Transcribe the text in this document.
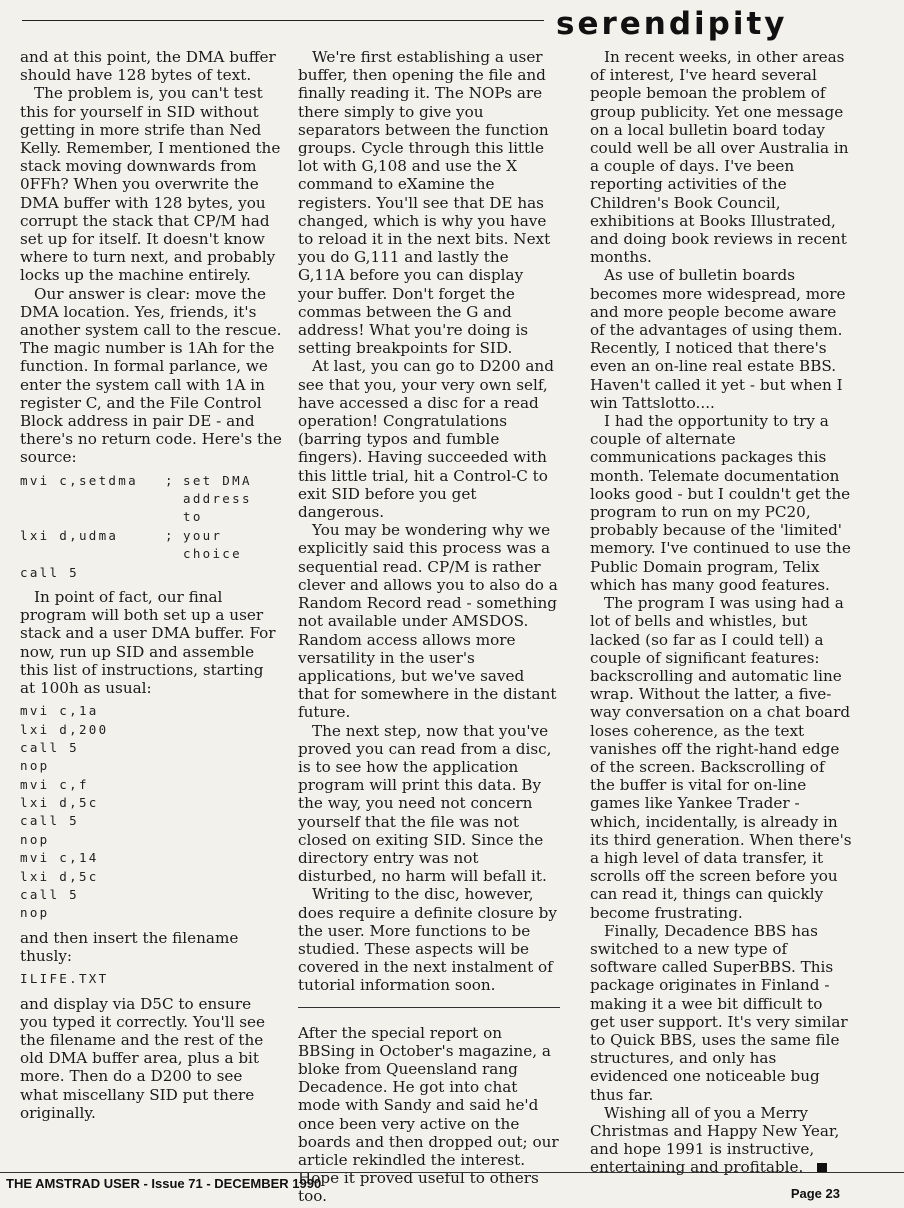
serendipity

and at this point, the DMA buffer should have 128 bytes of text.

The problem is, you can't test this for yourself in SID without getting in more strife than Ned Kelly. Remember, I mentioned the stack moving downwards from 0FFh? When you overwrite the DMA buffer with 128 bytes, you corrupt the stack that CP/M had set up for itself. It doesn't know where to turn next, and probably locks up the machine entirely.

Our answer is clear: move the DMA location. Yes, friends, it's another system call to the rescue. The magic number is 1Ah for the function. In formal parlance, we enter the system call with 1A in register C, and the File Control Block address in pair DE - and there's no return code. Here's the source:

mvi c,setdma	; set DMA address to
lxi d,udma	; your choice
call 5

In point of fact, our final program will both set up a user stack and a user DMA buffer. For now, run up SID and assemble this list of instructions, starting at 100h as usual:

mvi c,1a
lxi d,200
call 5
nop
mvi c,f
lxi d,5c
call 5
nop
mvi c,14
lxi d,5c
call 5
nop

and then insert the filename thusly:

ILIFE.TXT

and display via D5C to ensure you typed it correctly. You'll see the filename and the rest of the old DMA buffer area, plus a bit more. Then do a D200 to see what miscellany SID put there originally.

We're first establishing a user buffer, then opening the file and finally reading it. The NOPs are there simply to give you separators between the function groups. Cycle through this little lot with G,108 and use the X command to eXamine the registers. You'll see that DE has changed, which is why you have to reload it in the next bits. Next you do G,111 and lastly the G,11A before you can display your buffer. Don't forget the commas between the G and address! What you're doing is setting breakpoints for SID.

At last, you can go to D200 and see that you, your very own self, have accessed a disc for a read operation! Congratulations (barring typos and fumble fingers). Having succeeded with this little trial, hit a Control-C to exit SID before you get dangerous.

You may be wondering why we explicitly said this process was a sequential read. CP/M is rather clever and allows you to also do a Random Record read - something not available under AMSDOS. Random access allows more versatility in the user's applications, but we've saved that for somewhere in the distant future.

The next step, now that you've proved you can read from a disc, is to see how the application program will print this data. By the way, you need not concern yourself that the file was not closed on exiting SID. Since the directory entry was not disturbed, no harm will befall it.

Writing to the disc, however, does require a definite closure by the user. More functions to be studied. These aspects will be covered in the next instalment of tutorial information soon.

After the special report on BBSing in October's magazine, a bloke from Queensland rang Decadence. He got into chat mode with Sandy and said he'd once been very active on the boards and then dropped out; our article rekindled the interest. Hope it proved useful to others too.

In recent weeks, in other areas of interest, I've heard several people bemoan the problem of group publicity. Yet one message on a local bulletin board today could well be all over Australia in a couple of days. I've been reporting activities of the Children's Book Council, exhibitions at Books Illustrated, and doing book reviews in recent months.

As use of bulletin boards becomes more widespread, more and more people become aware of the advantages of using them. Recently, I noticed that there's even an on-line real estate BBS. Haven't called it yet - but when I win Tattslotto....

I had the opportunity to try a couple of alternate communications packages this month. Telemate documentation looks good - but I couldn't get the program to run on my PC20, probably because of the 'limited' memory. I've continued to use the Public Domain program, Telix which has many good features.

The program I was using had a lot of bells and whistles, but lacked (so far as I could tell) a couple of significant features: backscrolling and automatic line wrap. Without the latter, a five-way conversation on a chat board loses coherence, as the text vanishes off the right-hand edge of the screen. Backscrolling of the buffer is vital for on-line games like Yankee Trader - which, incidentally, is already in its third generation. When there's a high level of data transfer, it scrolls off the screen before you can read it, things can quickly become frustrating.

Finally, Decadence BBS has switched to a new type of software called SuperBBS. This package originates in Finland - making it a wee bit difficult to get user support. It's very similar to Quick BBS, uses the same file structures, and only has evidenced one noticeable bug thus far.

Wishing all of you a Merry Christmas and Happy New Year, and hope 1991 is instructive, entertaining and profitable.

THE AMSTRAD USER - Issue 71 - DECEMBER 1990
Page 23
